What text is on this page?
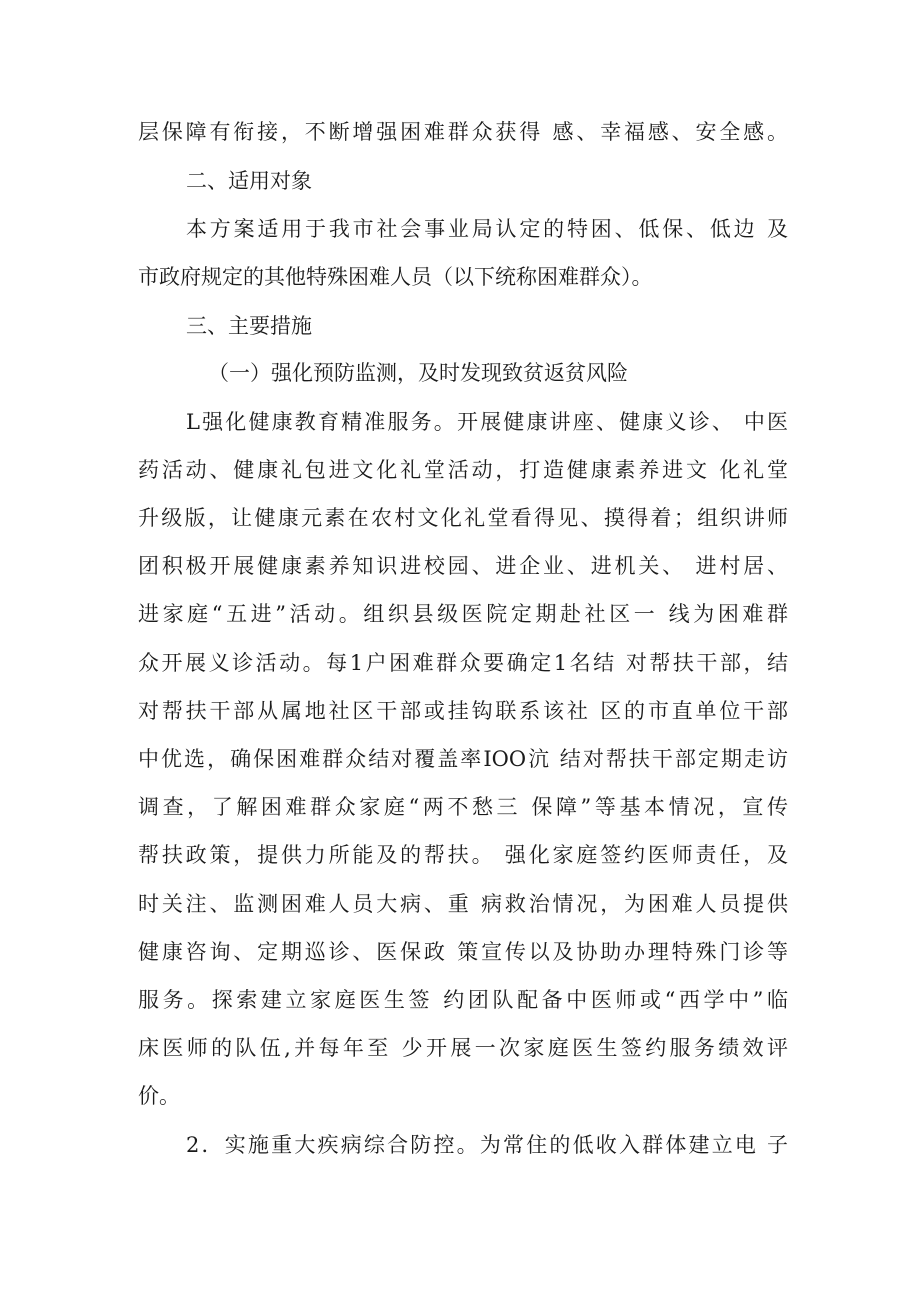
层保障有衔接，不断增强困难群众获得 感、幸福感、安全感。
二、适用对象
本方案适用于我市社会事业局认定的特困、低保、低边 及
市政府规定的其他特殊困难人员（以下统称困难群众）。
三、主要措施
（一）强化预防监测，及时发现致贫返贫风险
L强化健康教育精准服务。开展健康讲座、健康义诊、 中医
药活动、健康礼包进文化礼堂活动，打造健康素养进文 化礼堂
升级版，让健康元素在农村文化礼堂看得见、摸得着；组织讲师
团积极开展健康素养知识进校园、进企业、进机关、 进村居、
进家庭“五进”活动。组织县级医院定期赴社区一 线为困难群
众开展义诊活动。每1户困难群众要确定1名结 对帮扶干部，结
对帮扶干部从属地社区干部或挂钩联系该社 区的市直单位干部
中优选，确保困难群众结对覆盖率IOO沆 结对帮扶干部定期走访
调查，了解困难群众家庭“两不愁三 保障”等基本情况，宣传
帮扶政策，提供力所能及的帮扶。 强化家庭签约医师责任，及
时关注、监测困难人员大病、重 病救治情况，为困难人员提供
健康咨询、定期巡诊、医保政 策宣传以及协助办理特殊门诊等
服务。探索建立家庭医生签 约团队配备中医师或“西学中”临
床医师的队伍,并每年至 少开展一次家庭医生签约服务绩效评
价。
2．实施重大疾病综合防控。为常住的低收入群体建立电 子
